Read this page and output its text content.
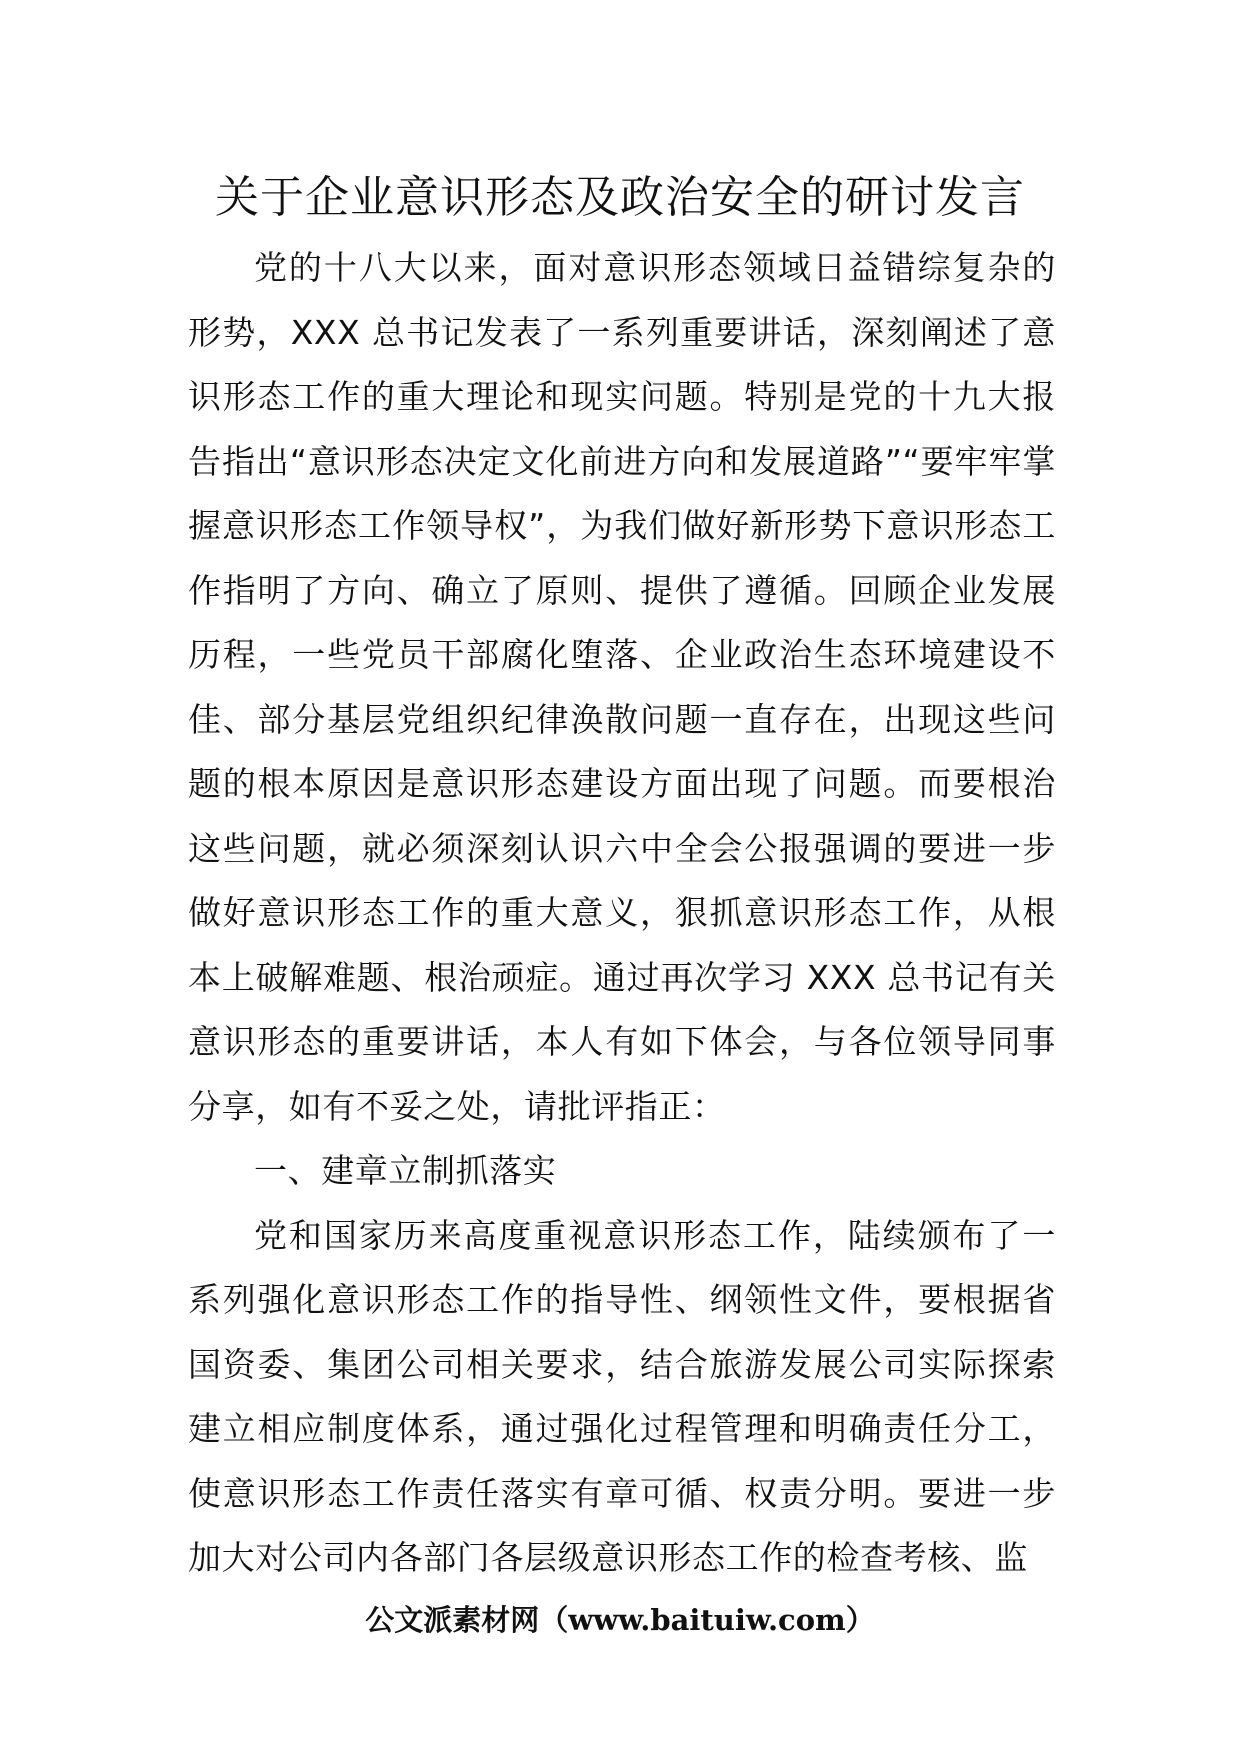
关于企业意识形态及政治安全的研讨发言

党的十八大以来，面对意识形态领域日益错综复杂的形势，XXX 总书记发表了一系列重要讲话，深刻阐述了意识形态工作的重大理论和现实问题。特别是党的十九大报告指出“意识形态决定文化前进方向和发展道路”“要牢牢掌握意识形态工作领导权”，为我们做好新形势下意识形态工作指明了方向、确立了原则、提供了遵循。回顾企业发展历程，一些党员干部腐化堕落、企业政治生态环境建设不佳、部分基层党组织纪律涣散问题一直存在，出现这些问题的根本原因是意识形态建设方面出现了问题。而要根治这些问题，就必须深刻认识六中全会公报强调的要进一步做好意识形态工作的重大意义，狠抓意识形态工作，从根本上破解难题、根治顽症。通过再次学习 XXX 总书记有关意识形态的重要讲话，本人有如下体会，与各位领导同事分享，如有不妥之处，请批评指正：

一、建章立制抓落实

党和国家历来高度重视意识形态工作，陆续颁布了一系列强化意识形态工作的指导性、纲领性文件，要根据省国资委、集团公司相关要求，结合旅游发展公司实际探索建立相应制度体系，通过强化过程管理和明确责任分工，使意识形态工作责任落实有章可循、权责分明。要进一步加大对公司内各部门各层级意识形态工作的检查考核、监

公文派素材网（www.baituiw.com）
